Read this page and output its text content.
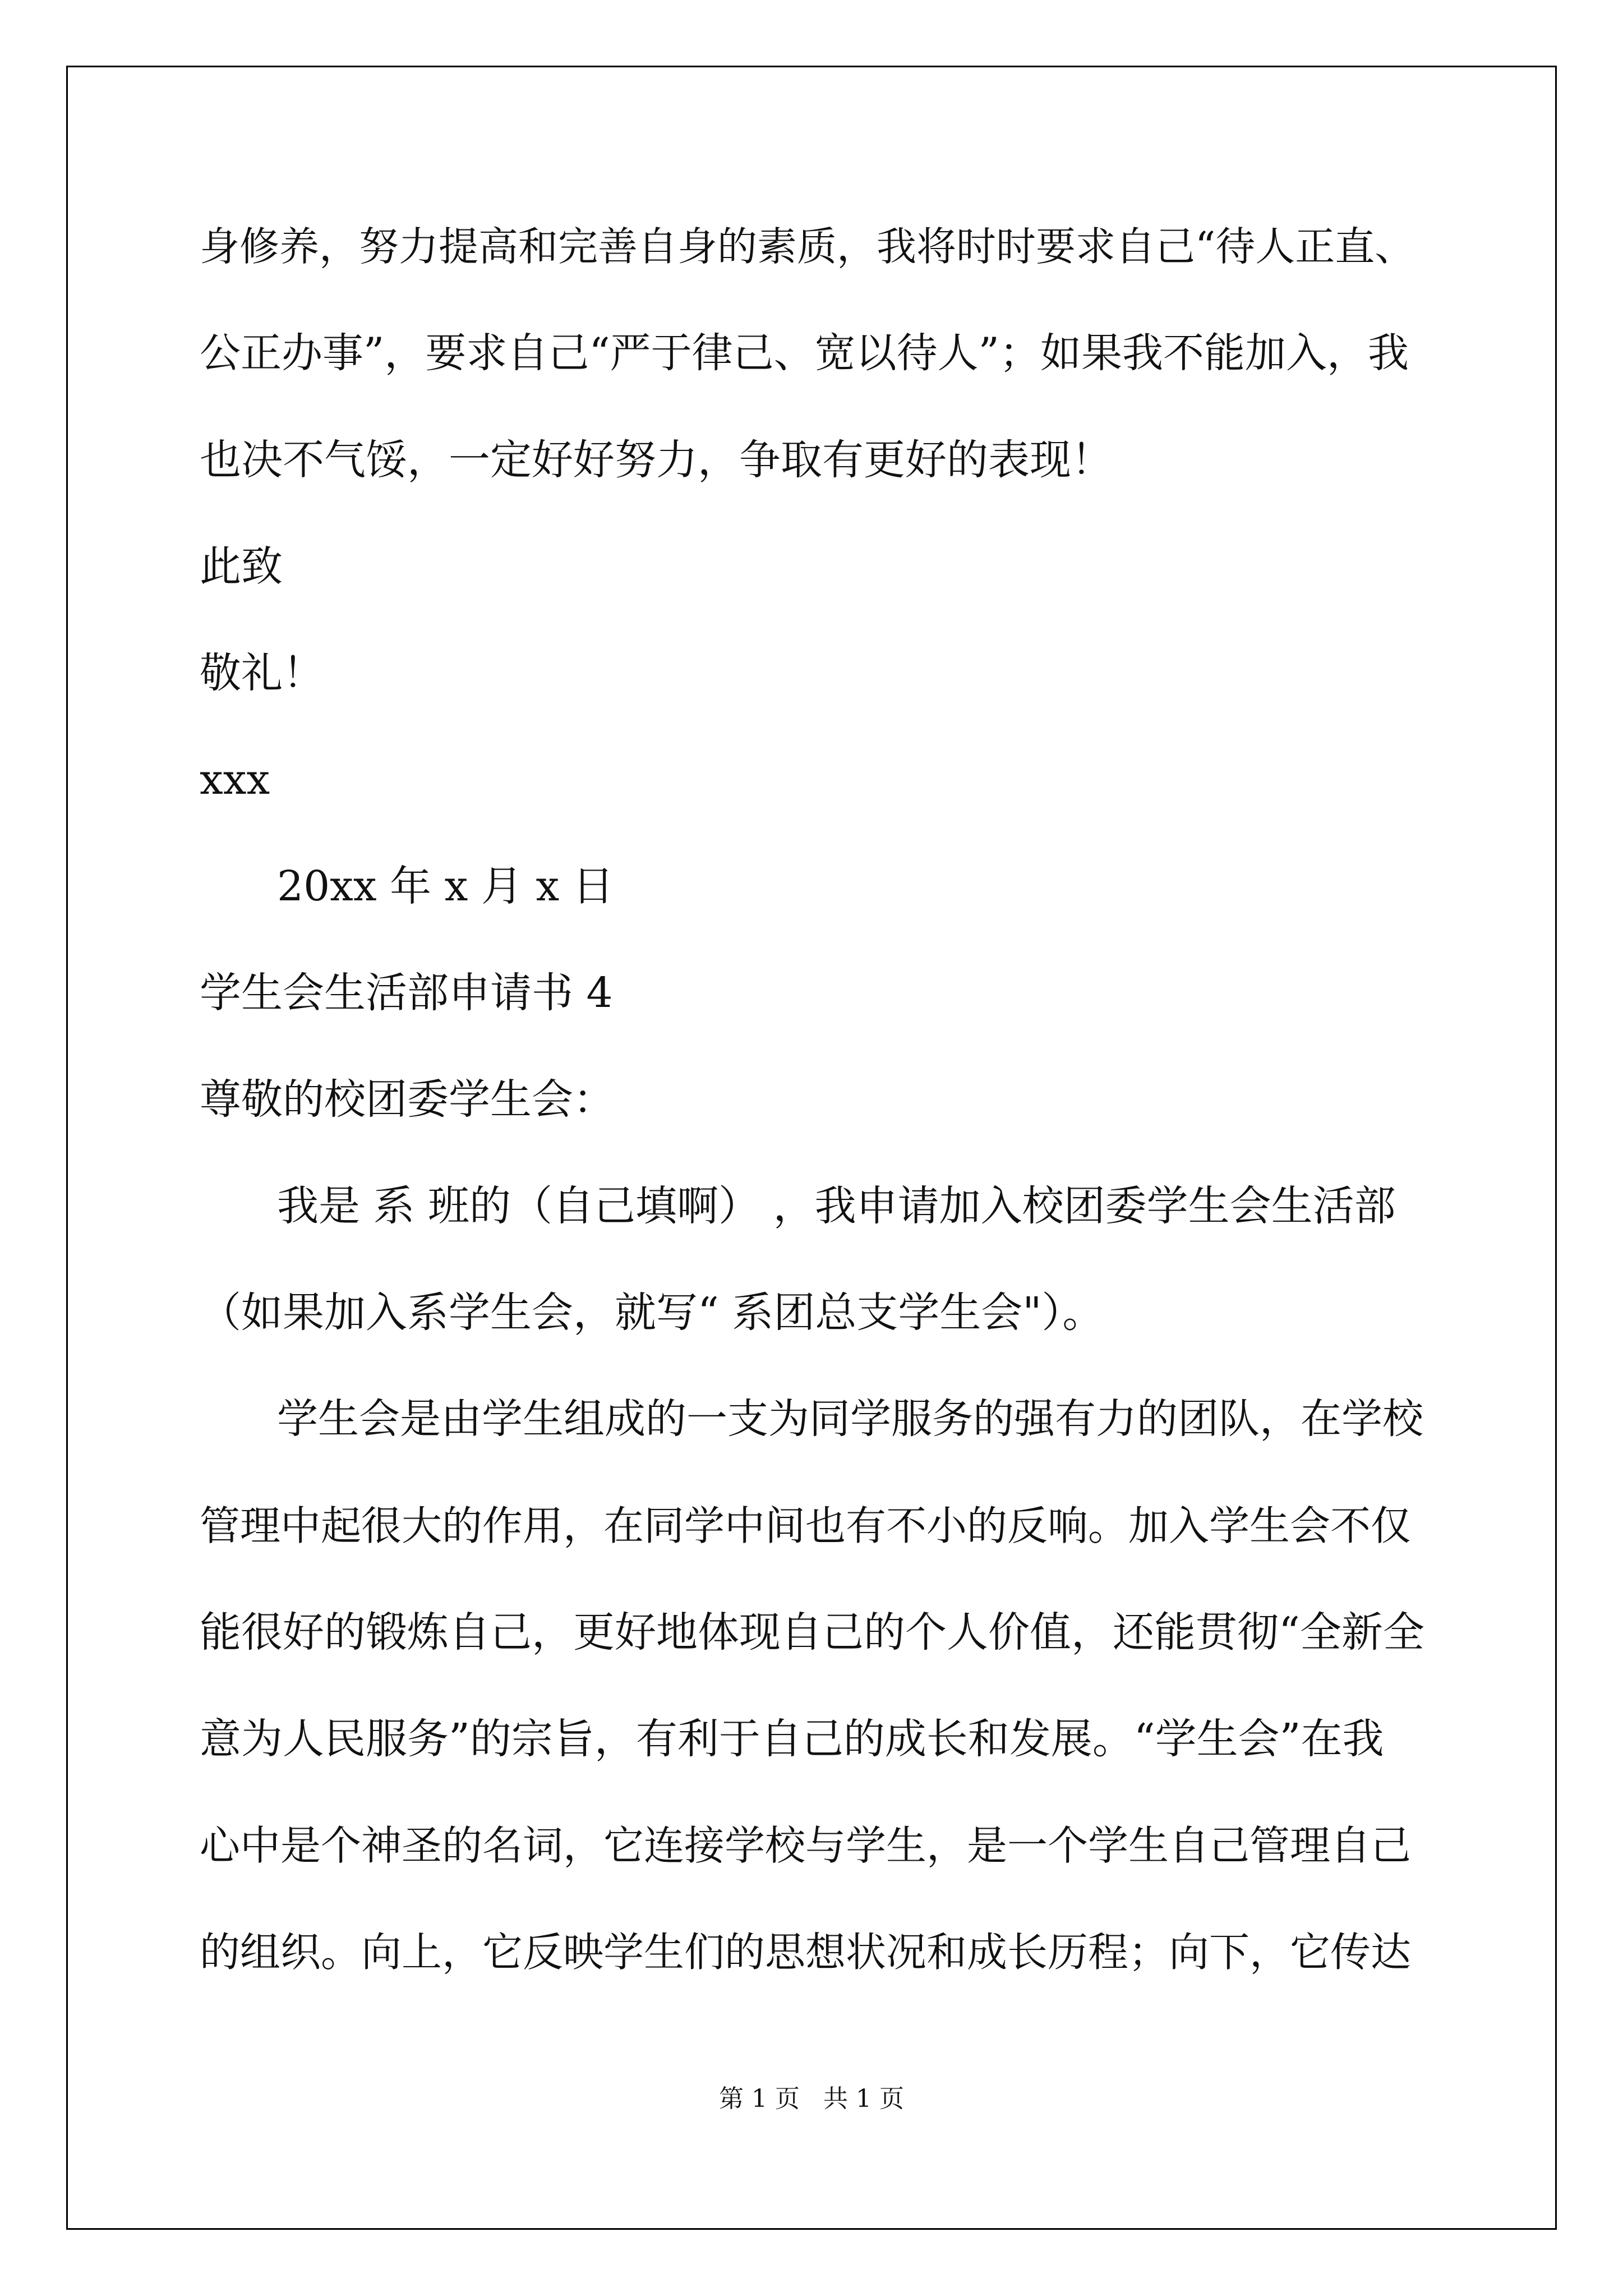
身修养，努力提高和完善自身的素质，我将时时要求自己“待人正直、

公正办事”，要求自己“严于律己、宽以待人”；如果我不能加入，我

也决不气馁，一定好好努力，争取有更好的表现！

此致

敬礼！

xxx

20xx 年 x 月 x 日

学生会生活部申请书 4

尊敬的校团委学生会：

我是 系 班的（自己填啊） ，我申请加入校团委学生会生活部

（如果加入系学生会，就写“ 系团总支学生会"）。

学生会是由学生组成的一支为同学服务的强有力的团队，在学校

管理中起很大的作用，在同学中间也有不小的反响。加入学生会不仅

能很好的锻炼自己，更好地体现自己的个人价值，还能贯彻“全新全

意为人民服务”的宗旨，有利于自己的成长和发展。“学生会”在我

心中是个神圣的名词，它连接学校与学生，是一个学生自己管理自己

的组织。向上，它反映学生们的思想状况和成长历程；向下，它传达

第 1 页   共 1 页
